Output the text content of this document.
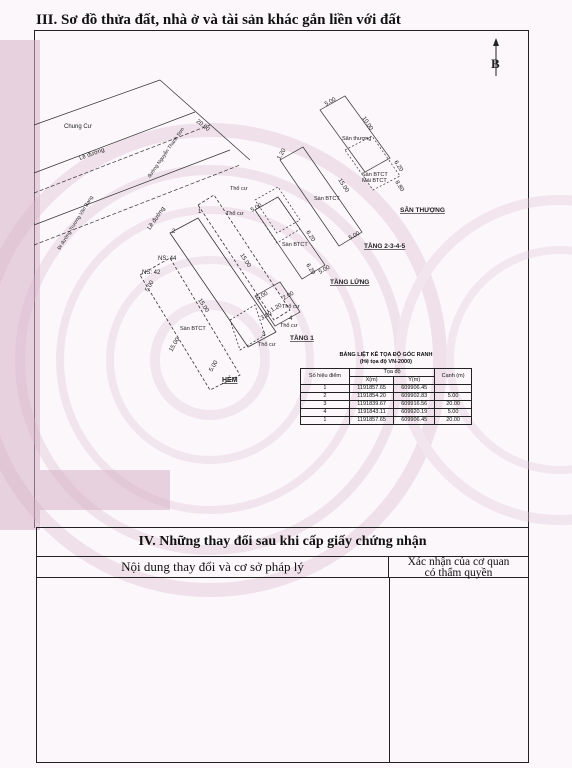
III. Sơ đồ thửa đất, nhà ở và tài sản khác gắn liền với đất
B
Chung Cư
Lề đường	đường Nguyễn Thanh Sơn
Đi đường Trương Văn Bang	Lề đường
20.00
NS: 44
NS: 42
Sàn BTCT
Thổ cư
Thổ cư
Thổ cư
Thổ cư
Thổ cư
15.00
15.00
5.00
5.00
15.00
HẺM
1
2
3
4
Sân thượng
Mái BTCT
Sàn BTCT
5.00
10.00
6.20
8.80
SÂN THƯỢNG
Sàn BTCT
15.00
5.00
6.20
1.20
TẦNG 2-3-4-5
Sàn BTCT
5.00
6.20 5.00
TẦNG LỬNG
5.00 2.00
3.80
1.20
TẦNG 1
BẢNG LIỆT KÊ TỌA ĐỘ GÓC RANH
(Hệ tọa độ VN-2000)
Số hiệu điểm	Tọa độ		Cạnh (m)
	X(m)	Y(m)	
1	1191857.65	609906.45	
2	1191854.20	609902.83	5.00
3	1191839.67	609916.56	20.00
4	1191843.11	609920.19	5.00
1	1191857.65	609906.45	20.00
IV. Những thay đổi sau khi cấp giấy chứng nhận
Nội dung thay đổi và cơ sở pháp lý	Xác nhận của cơ quan
có thẩm quyền
